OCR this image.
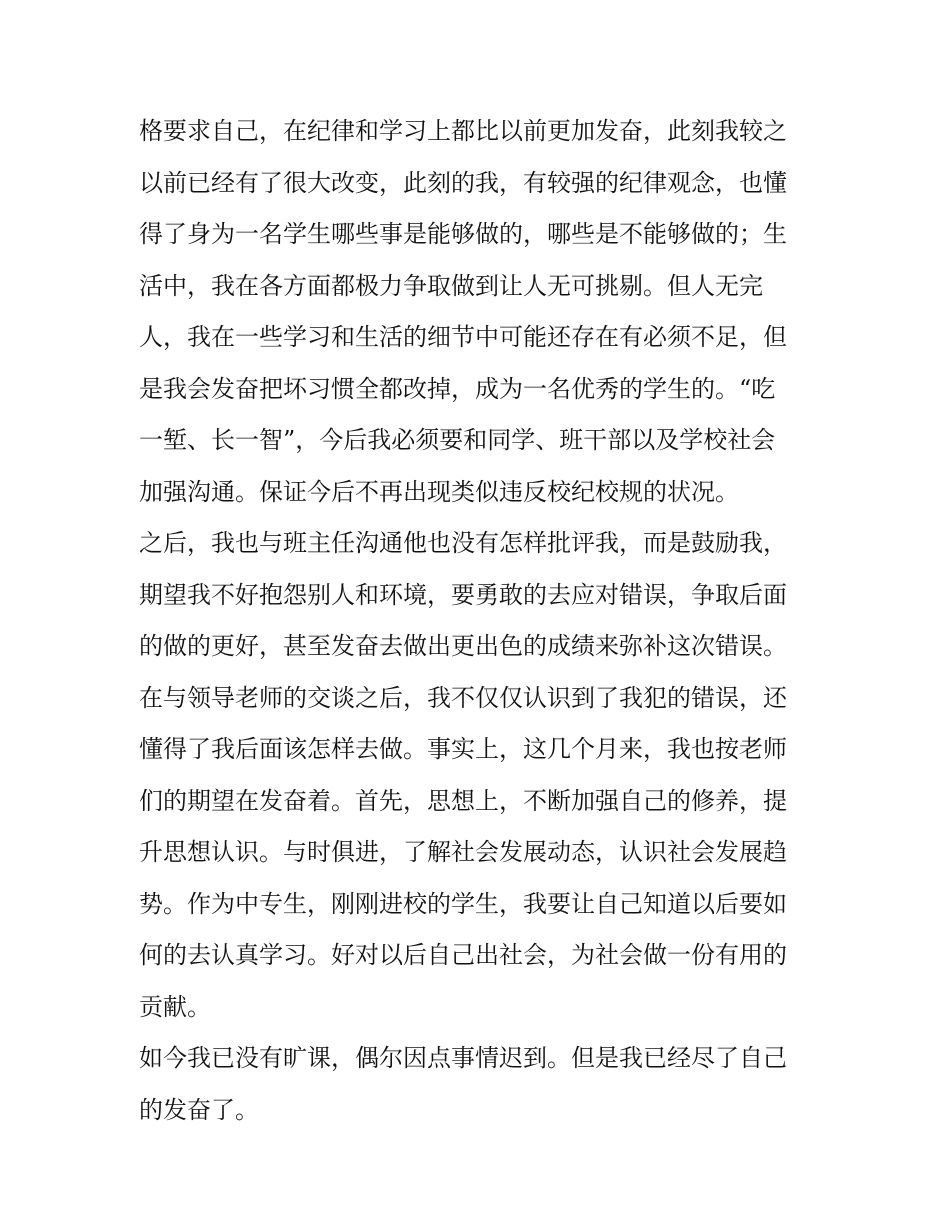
格要求自己，在纪律和学习上都比以前更加发奋，此刻我较之
以前已经有了很大改变，此刻的我，有较强的纪律观念，也懂
得了身为一名学生哪些事是能够做的，哪些是不能够做的；生
活中，我在各方面都极力争取做到让人无可挑剔。但人无完
人，我在一些学习和生活的细节中可能还存在有必须不足，但
是我会发奋把坏习惯全都改掉，成为一名优秀的学生的。“吃
一堑、长一智”，今后我必须要和同学、班干部以及学校社会
加强沟通。保证今后不再出现类似违反校纪校规的状况。
之后，我也与班主任沟通他也没有怎样批评我，而是鼓励我，
期望我不好抱怨别人和环境，要勇敢的去应对错误，争取后面
的做的更好，甚至发奋去做出更出色的成绩来弥补这次错误。
在与领导老师的交谈之后，我不仅仅认识到了我犯的错误，还
懂得了我后面该怎样去做。事实上，这几个月来，我也按老师
们的期望在发奋着。首先，思想上，不断加强自己的修养，提
升思想认识。与时俱进，了解社会发展动态，认识社会发展趋
势。作为中专生，刚刚进校的学生，我要让自己知道以后要如
何的去认真学习。好对以后自己出社会，为社会做一份有用的
贡献。
如今我已没有旷课，偶尔因点事情迟到。但是我已经尽了自己
的发奋了。
